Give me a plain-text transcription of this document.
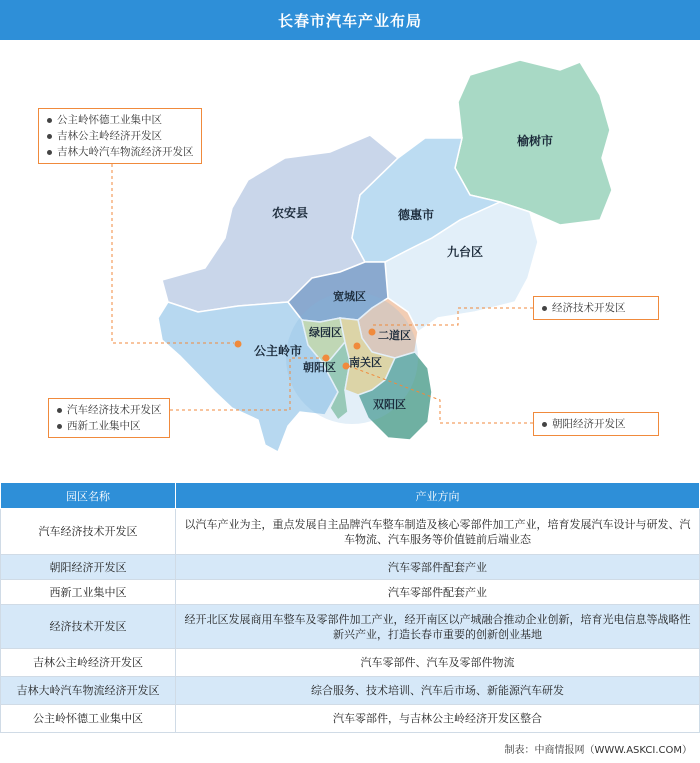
长春市汽车产业布局
榆树市
农安县	德惠市
九台区
宽城区
公主岭市
绿园区	二道区
朝阳区 南关区
双阳区
公主岭怀德工业集中区
吉林公主岭经济开发区
吉林大岭汽车物流经济开发区
经济技术开发区
汽车经济技术开发区
西新工业集中区	朝阳经济开发区
园区名称	产业方向
汽车经济技术开发区	以汽车产业为主，重点发展自主品牌汽车整车制造及核心零部件加工产业，培育发展汽车设计与研发、汽车物流、汽车服务等价值链前后端业态
朝阳经济开发区	汽车零部件配套产业
西新工业集中区	汽车零部件配套产业
经济技术开发区	经开北区发展商用车整车及零部件加工产业，经开南区以产城融合推动企业创新，培育光电信息等战略性新兴产业，打造长春市重要的创新创业基地
吉林公主岭经济开发区	汽车零部件、汽车及零部件物流
吉林大岭汽车物流经济开发区	综合服务、技术培训、汽车后市场、新能源汽车研发
公主岭怀德工业集中区	汽车零部件，与吉林公主岭经济开发区整合
制表：中商情报网（WWW.ASKCI.COM）
